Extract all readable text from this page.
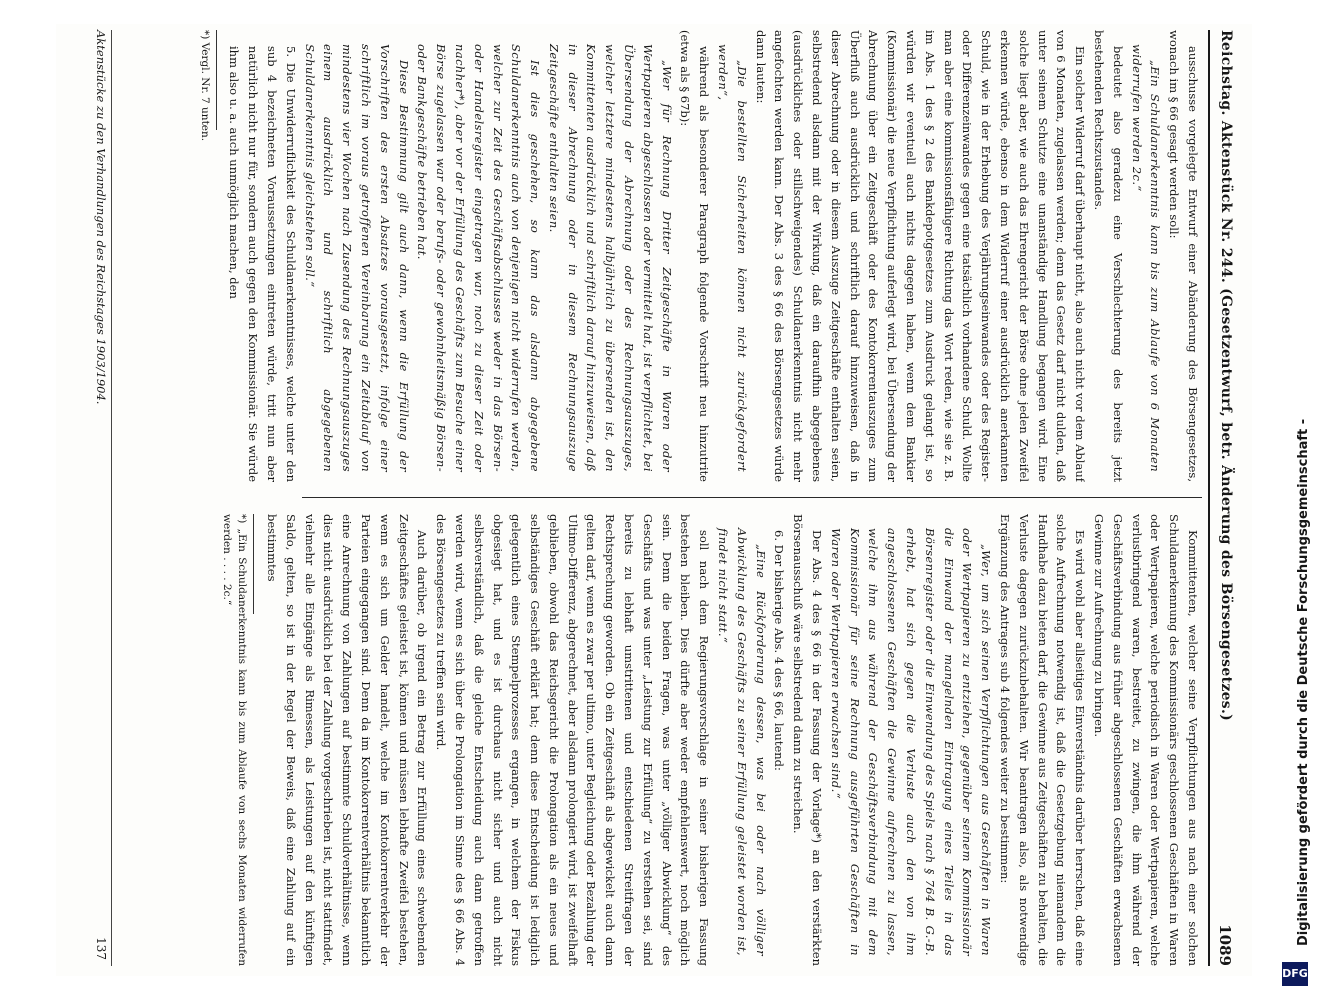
Reichstag. Aktenstück Nr. 244. (Gesetzentwurf, betr. Änderung des Börsengesetzes.)
1089

ausschusse vorgelegte Entwurf einer Abänderung des Börsengesetzes, wonach im § 66 gesagt werden soll:

„Ein Schuldanerkenntnis kann bis zum Ablaufe von 6 Monaten widerrufen werden 2c.“

bedeutet also geradezu eine Verschlechterung des bereits jetzt bestehenden Rechtszustandes.

Ein solcher Widerruf darf überhaupt nicht, also auch nicht vor dem Ablauf von 6 Monaten, zugelassen werden; denn das Gesetz darf nicht dulden, daß unter seinem Schutze eine unanständige Handlung begangen wird. Eine solche liegt aber, wie auch das Ehrengericht der Börse ohne jeden Zweifel erkennen würde, ebenso in dem Widerruf einer ausdrücklich anerkannten Schuld, wie in der Erhebung des Verjährungseinwandes oder des Register- oder Differenzeinwandes gegen eine tatsächlich vorhandene Schuld. Wollte man aber eine kommissionsfähigere Richtung das Wort reden, wie sie z. B. im Abs. 1 des § 2 des Bankdepotgesetzes zum Ausdruck gelangt ist, so würden wir eventuell auch nichts dagegen haben, wenn dem Bankier (Kommissionär) die neue Verpflichtung auferlegt wird, bei Übersendung der Abrechnung über ein Zeitgeschäft oder des Kontokorrentauszuges zum Überfluß auch ausdrücklich und schriftlich darauf hinzuweisen, daß in dieser Abrechnung oder in diesem Auszuge Zeitgeschäfte enthalten seien, selbstredend alsdann mit der Wirkung, daß ein daraufhin abgegebenes (ausdrückliches oder stillschweigendes) Schuldanerkenntnis nicht mehr angefochten werden kann. Der Abs. 3 des § 66 des Börsengesetzes würde dann lauten:

„Die bestellten Sicherheiten können nicht zurückgefordert werden“,

während als besonderer Paragraph folgende Vorschrift neu hinzutrite (etwa als § 67b):

„Wer für Rechnung Dritter Zeitgeschäfte in Waren oder Wertpapieren abgeschlossen oder vermittelt hat, ist verpflichtet, bei Übersendung der Abrechnung oder des Rechnungsauszuges, welcher letztere mindestens halbjährlich zu übersenden ist, den Kommittenten ausdrücklich und schriftlich darauf hinzuweisen, daß in dieser Abrechnung oder in diesem Rechnungsauszuge Zeitgeschäfte enthalten seien.

Ist dies geschehen, so kann das alsdann abgegebene Schuldanerkenntnis auch von denjenigen nicht widerrufen werden, welcher zur Zeit des Geschäftsabschlusses weder in das Börsen- oder Handelsregister eingetragen war, noch zu dieser Zeit oder nachher*), aber vor der Erfüllung des Geschäfts zum Besuche einer Börse zugelassen war oder berufs- oder gewohnheitsmäßig Börsen- oder Bankgeschäfte betrieben hat.

Diese Bestimmung gilt auch dann, wenn die Erfüllung der Vorschriften des ersten Absatzes vorausgesetzt, infolge einer schriftlich im voraus getroffenen Vereinbarung ein Zeitablauf von mindestens vier Wochen nach Zusendung des Rechnungsauszuges einem ausdrücklich und schriftlich abgegebenen Schuldanerkenntnis gleichstehen soll.“

5. Die Unwiderruflichkeit des Schuldanerkenntnisses, welche unter den sub 4 bezeichneten Voraussetzungen eintreten würde, tritt nun aber natürlich nicht nur für, sondern auch gegen den Kommissionär. Sie würde ihm also u. a. auch unmöglich machen, den

*) Vergl. Nr. 7 unten.

Kommittenten, welcher seine Verpflichtungen aus nach einer solchen Schuldanerkennung des Kommissionärs geschlossenen Geschäften in Waren oder Wertpapieren, welche periodisch in Waren oder Wertpapieren, welche verlustbringend waren, bestreitet, zu zwingen, die ihm während der Geschäftsverbindung aus früher abgeschlossenen Geschäften erwachsenen Gewinne zur Aufrechnung zu bringen.

Es wird wohl aber allseitiges Einverständnis darüber herrschen, daß eine solche Aufrechnung notwendig ist, daß die Gesetzgebung niemandem die Handhabe dazu bieten darf, die Gewinne aus Zeitgeschäften zu behalten, die Verluste dagegen zurückzubehalten. Wir beantragen also, als notwendige Ergänzung des Antrages sub 4 folgendes weiter zu bestimmen:

„Wer, um sich seinen Verpflichtungen aus Geschäften in Waren oder Wertpapieren zu entziehen, gegenüber seinem Kommissionär die Einwand der mangelnden Eintragung eines Teiles in das Börsenregister oder die Einwendung des Spiels nach § 764 B. G.-B. erhebt, hat sich gegen die Verluste auch den von ihm angeschlossenen Geschäften die Gewinne aufrechnen zu lassen, welche ihm aus während der Geschäftsverbindung mit dem Kommissionär für seine Rechnung ausgeführten Geschäften in Waren oder Wertpapieren erwachsen sind.“

Der Abs. 4 des § 66 in der Fassung der Vorlage*) an den verstärkten Börsenausschuß wäre selbstredend dann zu streichen.

6. Der bisherige Abs. 4 des § 66, lautend:

„Eine Rückforderung dessen, was bei oder nach völliger Abwicklung des Geschäfts zu seiner Erfüllung geleistet worden ist, findet nicht statt.“

soll nach dem Regierungsvorschlage in seiner bisherigen Fassung bestehen bleiben. Dies dürfte aber weder empfehlenswert, noch möglich sein. Denn die beiden Fragen, was unter „völliger Abwicklung“ des Geschäfts und was unter „Leistung zur Erfüllung“ zu verstehen sei, sind bereits zu lebhaft umstrittenen und entschiedenen Streitfragen der Rechtsprechung geworden. Ob ein Zeitgeschäft als abgewickelt auch dann gelten darf, wenn es zwar per ultimo, unter Begleichung oder Bezahlung der Ultimo-Differenz, abgerechnet, aber alsdann prolongiert wird, ist zweifelhaft geblieben, obwohl das Reichsgericht die Prolongation als ein neues und selbständiges Geschäft erklärt hat; denn diese Entscheidung ist lediglich gelegentlich eines Stempelprozesses ergangen, in welchem der Fiskus obgesiegt hat, und es ist durchaus nicht sicher und auch nicht selbstverständlich, daß die gleiche Entscheidung auch dann getroffen werden wird, wenn es sich über die Prolongation im Sinne des § 66 Abs. 4 des Börsengesetzes zu treffen sein wird.

Auch darüber, ob irgend ein Betrag zur Erfüllung eines schwebenden Zeitgeschäftes geleistet ist, können und müssen lebhafte Zweifel bestehen, wenn es sich um Gelder handelt, welche im Kontokorrentverkehr der Parteien eingegangen sind. Denn da im Kontokorrentverhältnis bekanntlich eine Anrechnung von Zahlungen auf bestimmte Schuldverhältnisse, wenn dies nicht ausdrücklich bei der Zahlung vorgeschrieben ist, nicht stattfindet, vielmehr alle Eingänge als Rimessen, als Leistungen auf den künftigen Saldo, gelten, so ist in der Regel der Beweis, daß eine Zahlung auf ein bestimmtes

*) „Ein Schuldanerkenntnis kann bis zum Ablaufe von sechs Monaten widerrufen werden . . . . 2c.“

Aktenstücke zu den Verhandlungen des Reichstages 1903/1904.
137
Digitalisierung gefördert durch die Deutsche Forschungsgemeinschaft -
DFG
